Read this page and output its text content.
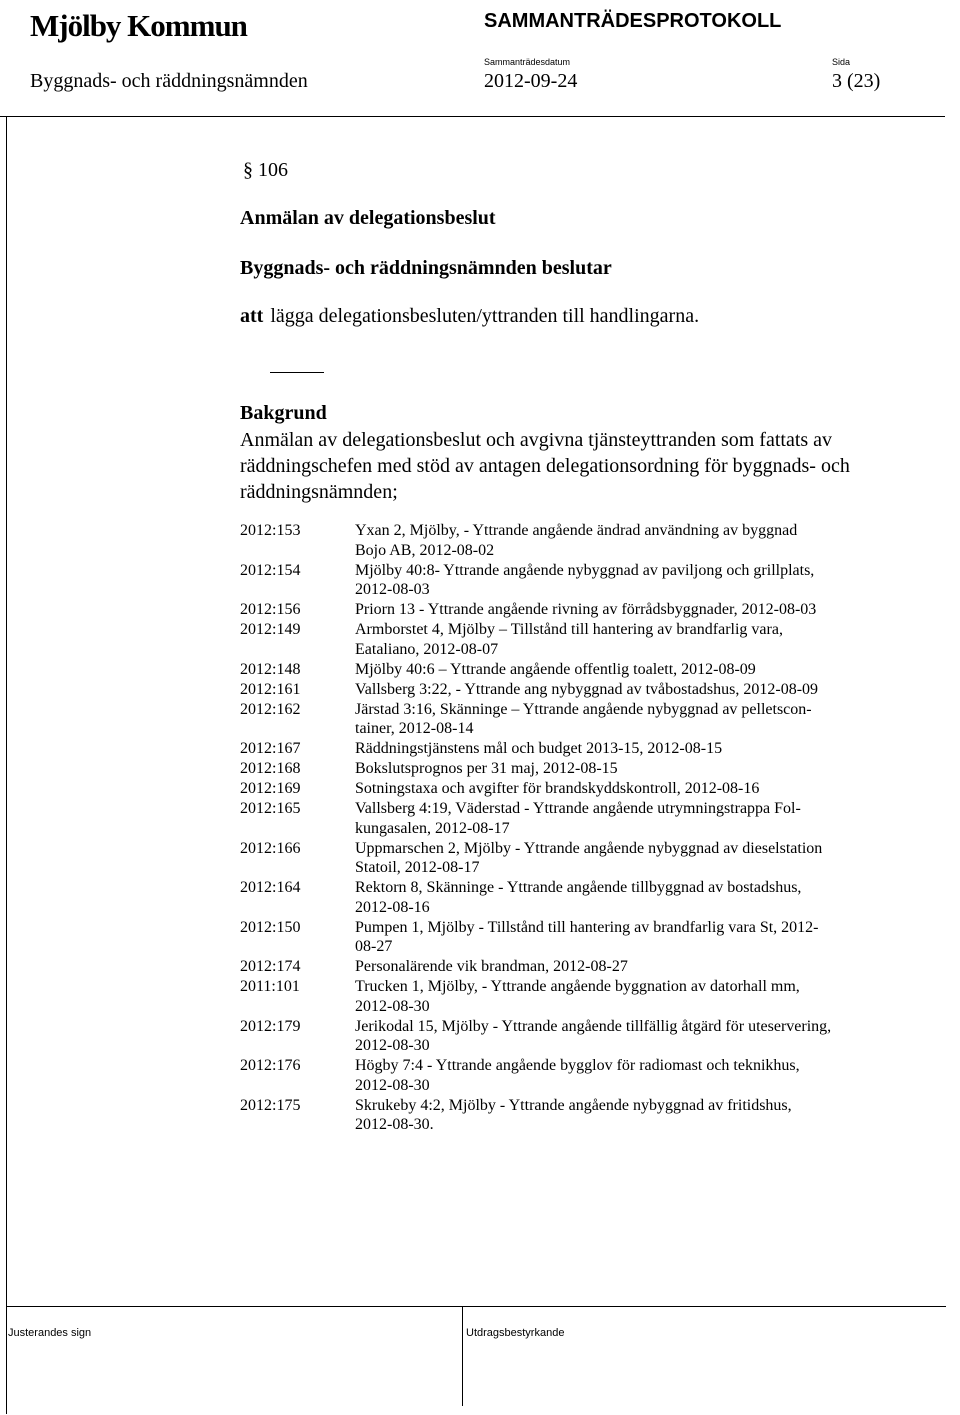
Mjölby Kommun	SAMMANTRÄDESPROTOKOLL
Sammanträdesdatum	Sida
Byggnads- och räddningsnämnden	2012-09-24	3 (23)
§ 106
Anmälan av delegationsbeslut
Byggnads- och räddningsnämnden beslutar
att lägga delegationsbesluten/yttranden till handlingarna.
Bakgrund
Anmälan av delegationsbeslut och avgivna tjänsteyttranden som fattats av
räddningschefen med stöd av antagen delegationsordning för byggnads- och
räddningsnämnden;
2012:153	Yxan 2, Mjölby, - Yttrande angående ändrad användning av byggnad
Bojo AB, 2012-08-02
2012:154	Mjölby 40:8- Yttrande angående nybyggnad av paviljong och grillplats,
2012-08-03
2012:156	Priorn 13 - Yttrande angående rivning av förrådsbyggnader, 2012-08-03
2012:149	Armborstet 4, Mjölby – Tillstånd till hantering av brandfarlig vara,
Eataliano, 2012-08-07
2012:148	Mjölby 40:6 – Yttrande angående offentlig toalett, 2012-08-09
2012:161	Vallsberg 3:22, - Yttrande ang nybyggnad av tvåbostadshus, 2012-08-09
2012:162	Järstad 3:16, Skänninge – Yttrande angående nybyggnad av pelletscon-
tainer, 2012-08-14
2012:167	Räddningstjänstens mål och budget 2013-15, 2012-08-15
2012:168	Bokslutsprognos per 31 maj, 2012-08-15
2012:169	Sotningstaxa och avgifter för brandskyddskontroll, 2012-08-16
2012:165	Vallsberg 4:19, Väderstad - Yttrande angående utrymningstrappa Fol-
kungasalen, 2012-08-17
2012:166	Uppmarschen 2, Mjölby - Yttrande angående nybyggnad av dieselstation
Statoil, 2012-08-17
2012:164	Rektorn 8, Skänninge - Yttrande angående tillbyggnad av bostadshus,
2012-08-16
2012:150	Pumpen 1, Mjölby - Tillstånd till hantering av brandfarlig vara St, 2012-
08-27
2012:174	Personalärende vik brandman, 2012-08-27
2011:101	Trucken 1, Mjölby, - Yttrande angående byggnation av datorhall mm,
2012-08-30
2012:179	Jerikodal 15, Mjölby - Yttrande angående tillfällig åtgärd för uteservering,
2012-08-30
2012:176	Högby 7:4 - Yttrande angående bygglov för radiomast och teknikhus,
2012-08-30
2012:175	Skrukeby 4:2, Mjölby - Yttrande angående nybyggnad av fritidshus,
2012-08-30.
Justerandes sign	Utdragsbestyrkande
